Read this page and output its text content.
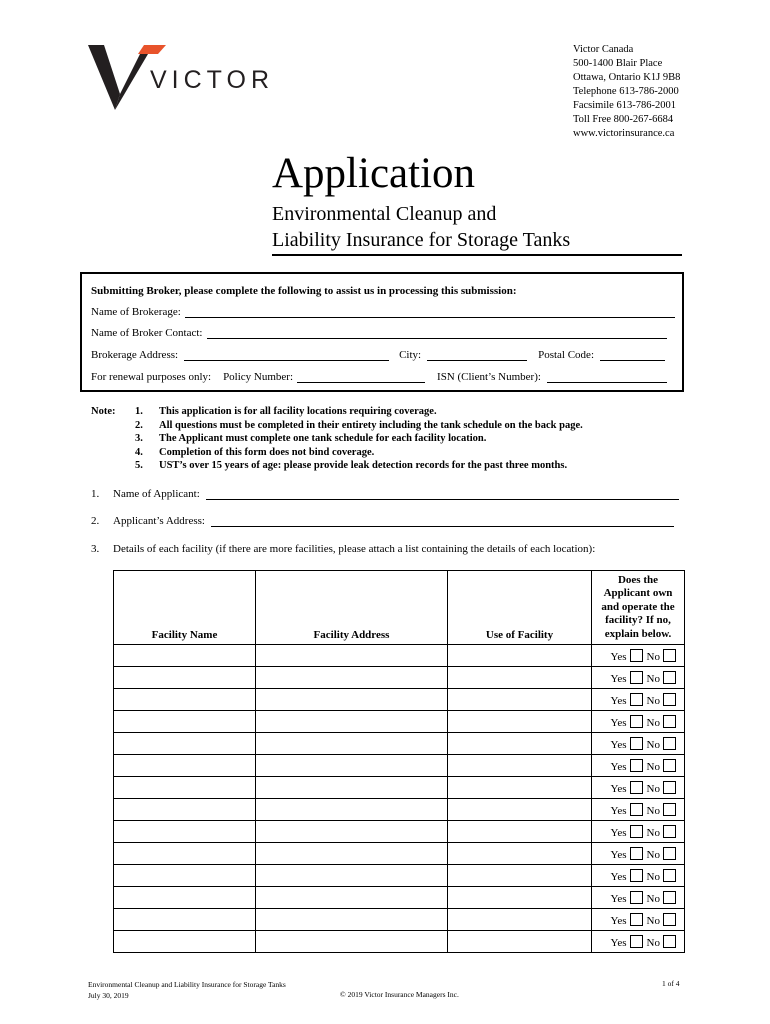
VICTOR
Victor Canada
500-1400 Blair Place
Ottawa, Ontario K1J 9B8
Telephone 613-786-2000
Facsimile 613-786-2001
Toll Free 800-267-6684
www.victorinsurance.ca
Application
Environmental Cleanup and
Liability Insurance for Storage Tanks
Submitting Broker, please complete the following to assist us in processing this submission:
Name of Brokerage:
Name of Broker Contact:
Brokerage Address:	City:	Postal Code:
For renewal purposes only: Policy Number:	ISN (Client’s Number):
Note: 1. This application is for all facility locations requiring coverage.
2. All questions must be completed in their entirety including the tank schedule on the back page.
3. The Applicant must complete one tank schedule for each facility location.
4. Completion of this form does not bind coverage.
5. UST’s over 15 years of age: please provide leak detection records for the past three months.
1.	Name of Applicant:
2.	Applicant’s Address:
3.	Details of each facility (if there are more facilities, please attach a list containing the details of each location):
Facility Name	Facility Address	Use of Facility	Does the Applicant own and operate the facility? If no, explain below.
			Yes No
			Yes No
			Yes No
			Yes No
			Yes No
			Yes No
			Yes No
			Yes No
			Yes No
			Yes No
			Yes No
			Yes No
			Yes No
			Yes No
Environmental Cleanup and Liability Insurance for Storage Tanks
July 30, 2019	© 2019 Victor Insurance Managers Inc.
1 of 4
